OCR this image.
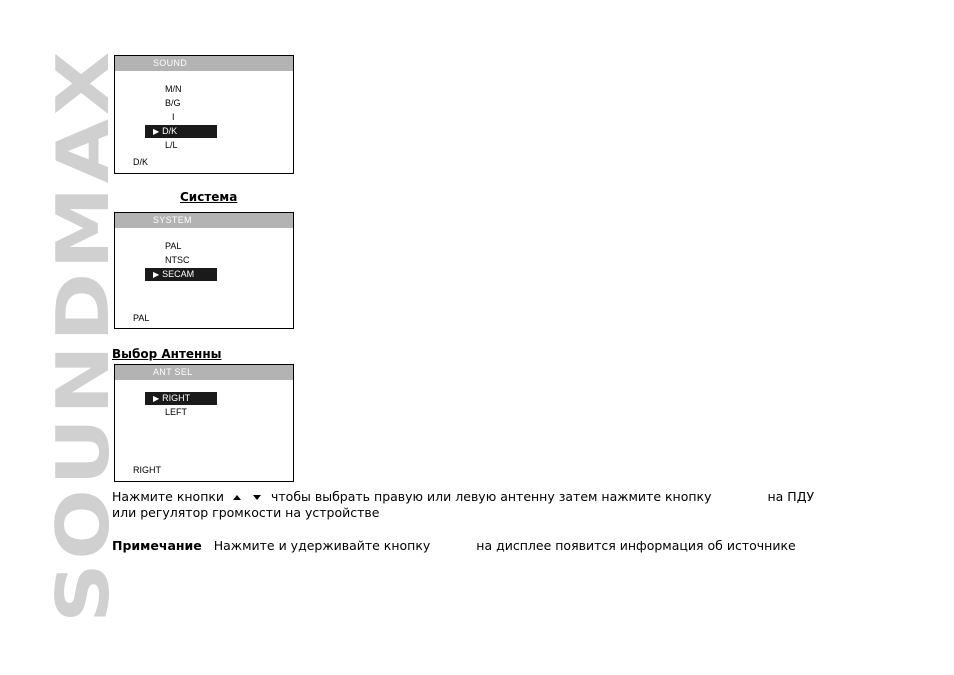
SOUNDMAX
SOUND
M/N
B/G
I
▶ D/K
L/L
D/K
Система
SYSTEM
PAL
NTSC
▶ SECAM
PAL
Выбор Антенны
ANT SEL
▶ RIGHT
LEFT
RIGHT
Нажмите кнопки	чтобы выбрать правую или левую антенну затем нажмите кнопку	на ПДУ
или регулятор громкости на устройстве
Примечание Нажмите и удерживайте кнопку	на дисплее появится информация об источнике
